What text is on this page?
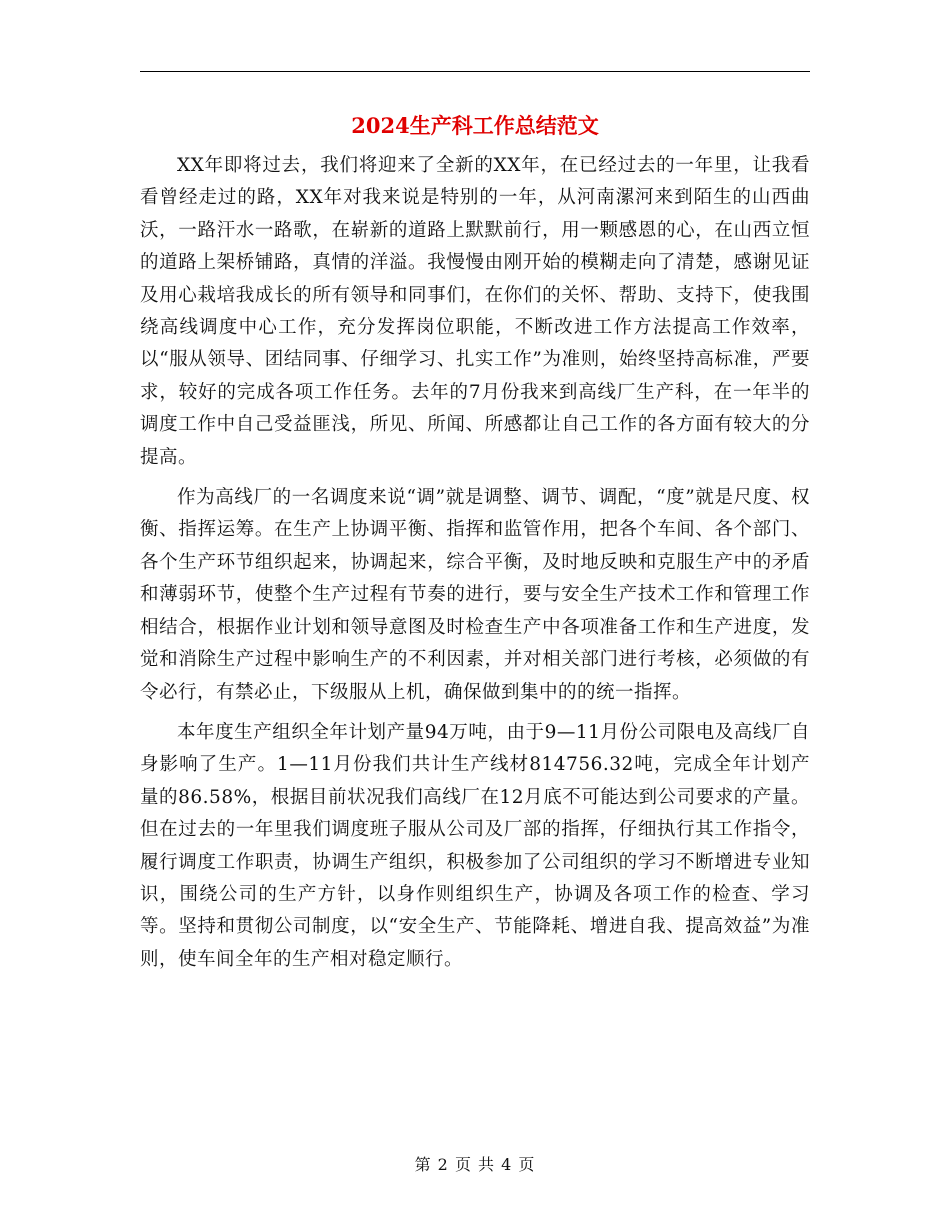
2024生产科工作总结范文

XX年即将过去，我们将迎来了全新的XX年，在已经过去的一年里，让我看看曾经走过的路，XX年对我来说是特别的一年，从河南漯河来到陌生的山西曲沃，一路汗水一路歌，在崭新的道路上默默前行，用一颗感恩的心，在山西立恒的道路上架桥铺路，真情的洋溢。我慢慢由刚开始的模糊走向了清楚，感谢见证及用心栽培我成长的所有领导和同事们，在你们的关怀、帮助、支持下，使我围绕高线调度中心工作，充分发挥岗位职能，不断改进工作方法提高工作效率，以“服从领导、团结同事、仔细学习、扎实工作”为准则，始终坚持高标准，严要求，较好的完成各项工作任务。去年的7月份我来到高线厂生产科，在一年半的调度工作中自己受益匪浅，所见、所闻、所感都让自己工作的各方面有较大的分提高。

作为高线厂的一名调度来说“调”就是调整、调节、调配，“度”就是尺度、权衡、指挥运筹。在生产上协调平衡、指挥和监管作用，把各个车间、各个部门、各个生产环节组织起来，协调起来，综合平衡，及时地反映和克服生产中的矛盾和薄弱环节，使整个生产过程有节奏的进行，要与安全生产技术工作和管理工作相结合，根据作业计划和领导意图及时检查生产中各项准备工作和生产进度，发觉和消除生产过程中影响生产的不利因素，并对相关部门进行考核，必须做的有令必行，有禁必止，下级服从上机，确保做到集中的的统一指挥。

本年度生产组织全年计划产量94万吨，由于9—11月份公司限电及高线厂自身影响了生产。1—11月份我们共计生产线材814756.32吨，完成全年计划产量的86.58%，根据目前状况我们高线厂在12月底不可能达到公司要求的产量。但在过去的一年里我们调度班子服从公司及厂部的指挥，仔细执行其工作指令，履行调度工作职责，协调生产组织，积极参加了公司组织的学习不断增进专业知识，围绕公司的生产方针，以身作则组织生产，协调及各项工作的检查、学习等。坚持和贯彻公司制度，以“安全生产、节能降耗、增进自我、提高效益”为准则，使车间全年的生产相对稳定顺行。

第 2 页 共 4 页
